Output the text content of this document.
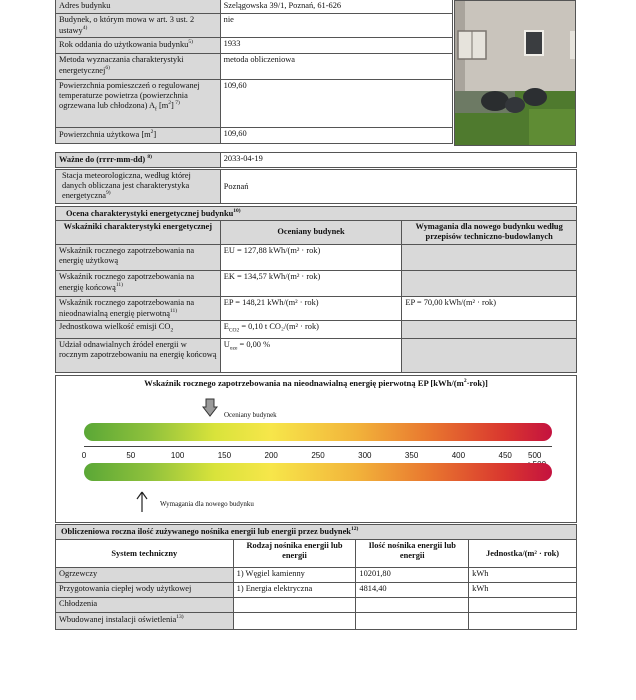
Adres budynku	Szelągowska 39/1, Poznań, 61-626
Budynek, o którym mowa w art. 3 ust. 2 ustawy$^{4)}$	nie
Rok oddania do użytkowania budynku$^{5)}$	1933
Metoda wyznaczania charakterystyki energetycznej$^{6)}$	metoda obliczeniowa
Powierzchnia pomieszczeń o regulowanej temperaturze powietrza (powierzchnia ogrzewana lub chłodzona) $A_f$ $[m^2]$ $^{7)}$	109,60
Powierzchnia użytkowa $[m^2]$	109,60
Ważne do (rrrr-mm-dd) $^{8)}$	2033-04-19
Stacja meteorologiczna, według której danych obliczana jest charakterystyka energetyczna$^{9)}$	Poznań
Ocena charakterystyki energetycznej budynku$^{10)}$
Wskaźniki charakterystyki energetycznej	Oceniany budynek	Wymagania dla nowego budynku według przepisów techniczno-budowlanych
Wskaźnik rocznego zapotrzebowania na energię użytkową	EU = 127,88 kWh/(m² · rok)	
Wskaźnik rocznego zapotrzebowania na energię końcową$^{11)}$	EK = 134,57 kWh/(m² · rok)	
Wskaźnik rocznego zapotrzebowania na nieodnawialną energię pierwotną$^{11)}$	EP = 148,21 kWh/(m² · rok)	EP = 70,00 kWh/(m² · rok)
Jednostkowa wielkość emisji $CO_2$	$E_{CO2} = 0,10$ t CO₂/(m² · rok)	
Udział odnawialnych źródeł energii w rocznym zapotrzebowaniu na energię końcową	$U_{oze} = 0,00$ %	
Wskaźnik rocznego zapotrzebowania na nieodnawialną energię pierwotną EP $[kWh/(m^2\cdot rok)]$
Oceniany budynek
0	50	100	150	200	250	300	350	400	450 500
Wymagania dla nowego budynku
Obliczeniowa roczna ilość zużywanego nośnika energii lub energii przez budynek$^{12)}$
System techniczny	Rodzaj nośnika energii lub energii	Ilość nośnika energii lub energii	Jednostka/(m² · rok)
Ogrzewczy	1) Węgiel kamienny	10201,80	kWh
Przygotowania ciepłej wody użytkowej	1) Energia elektryczna	4814,40	kWh
Chłodzenia			
Wbudowanej instalacji oświetlenia$^{13)}$			
